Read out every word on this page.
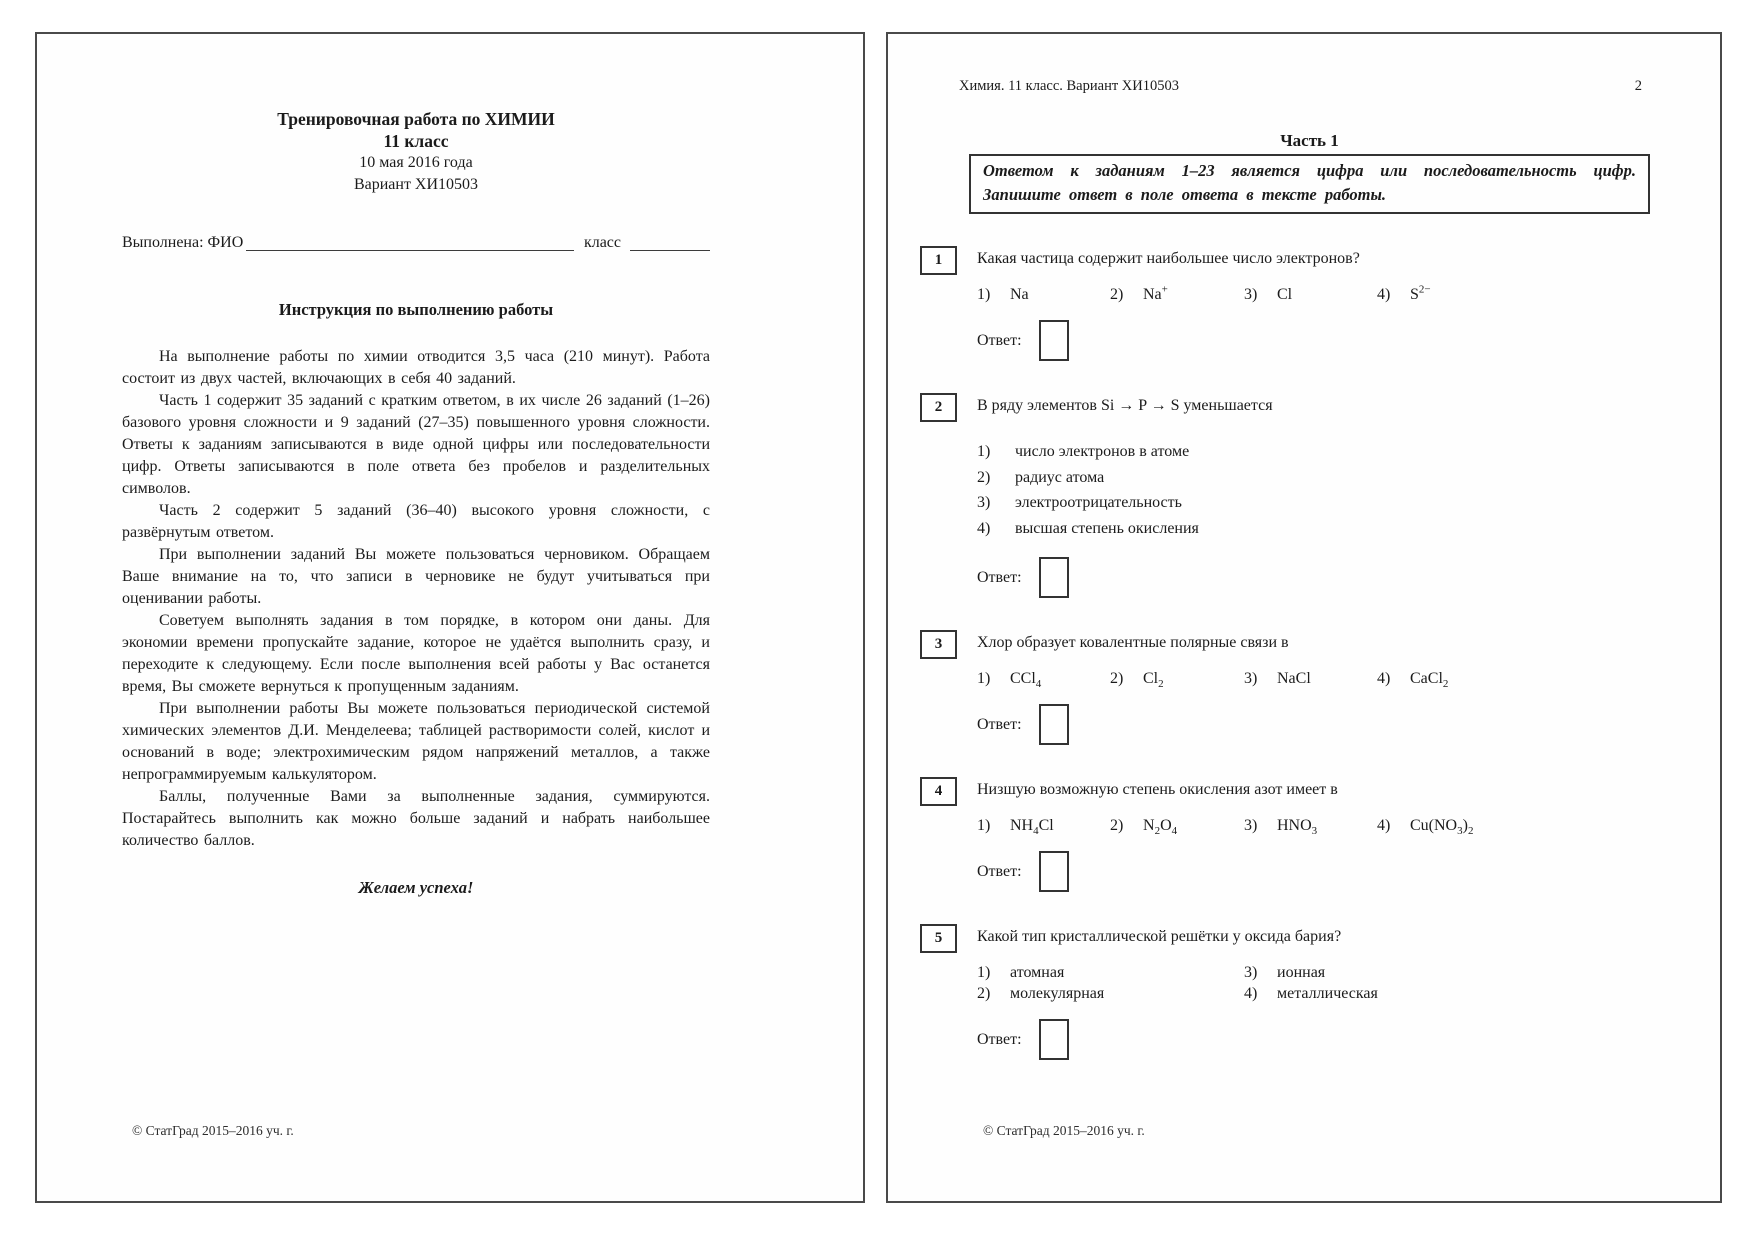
Тренировочная работа по ХИМИИ
11 класс
10 мая 2016 года
Вариант ХИ10503
Выполнена: ФИО	класс
Инструкция по выполнению работы

На выполнение работы по химии отводится 3,5 часа (210 минут). Работа состоит из двух частей, включающих в себя 40 заданий.

Часть 1 содержит 35 заданий с кратким ответом, в их числе 26 заданий (1–26) базового уровня сложности и 9 заданий (27–35) повышенного уровня сложности. Ответы к заданиям записываются в виде одной цифры или последовательности цифр. Ответы записываются в поле ответа без пробелов и разделительных символов.

Часть 2 содержит 5 заданий (36–40) высокого уровня сложности, с развёрнутым ответом.

При выполнении заданий Вы можете пользоваться черновиком. Обращаем Ваше внимание на то, что записи в черновике не будут учитываться при оценивании работы.

Советуем выполнять задания в том порядке, в котором они даны. Для экономии времени пропускайте задание, которое не удаётся выполнить сразу, и переходите к следующему. Если после выполнения всей работы у Вас останется время, Вы сможете вернуться к пропущенным заданиям.

При выполнении работы Вы можете пользоваться периодической системой химических элементов Д.И. Менделеева; таблицей растворимости солей, кислот и оснований в воде; электрохимическим рядом напряжений металлов, а также непрограммируемым калькулятором.

Баллы, полученные Вами за выполненные задания, суммируются. Постарайтесь выполнить как можно больше заданий и набрать наибольшее количество баллов.

Желаем успеха!
© СтатГрад 2015–2016 уч. г.
Химия. 11 класс. Вариант ХИ10503	2
Часть 1
Ответом к заданиям 1–23 является цифра или последовательность цифр. Запишите ответ в поле ответа в тексте работы.
1 Какая частица содержит наибольшее число электронов?
1) Na	2) Na+	3) Cl	4) $S^{2-}$
Ответ:
2 В ряду элементов Si → P → S уменьшается
1) число электронов в атоме
2) радиус атома
3) электроотрицательность
4) высшая степень окисления
Ответ:
3 Хлор образует ковалентные полярные связи в
1) CCl$_4$	2) $Cl_2$	3) NaCl	4) CaCl$_2$
Ответ:
4 Низшую возможную степень окисления азот имеет в
1) $NH_4Cl$	2) $N_2O_4$	3) $HNO_3$	4) $Cu(NO_3)_2$
Ответ:
5 Какой тип кристаллической решётки у оксида бария?
1) атомная	3) ионная
2) молекулярная	4) металлическая
Ответ:
© СтатГрад 2015–2016 уч. г.
